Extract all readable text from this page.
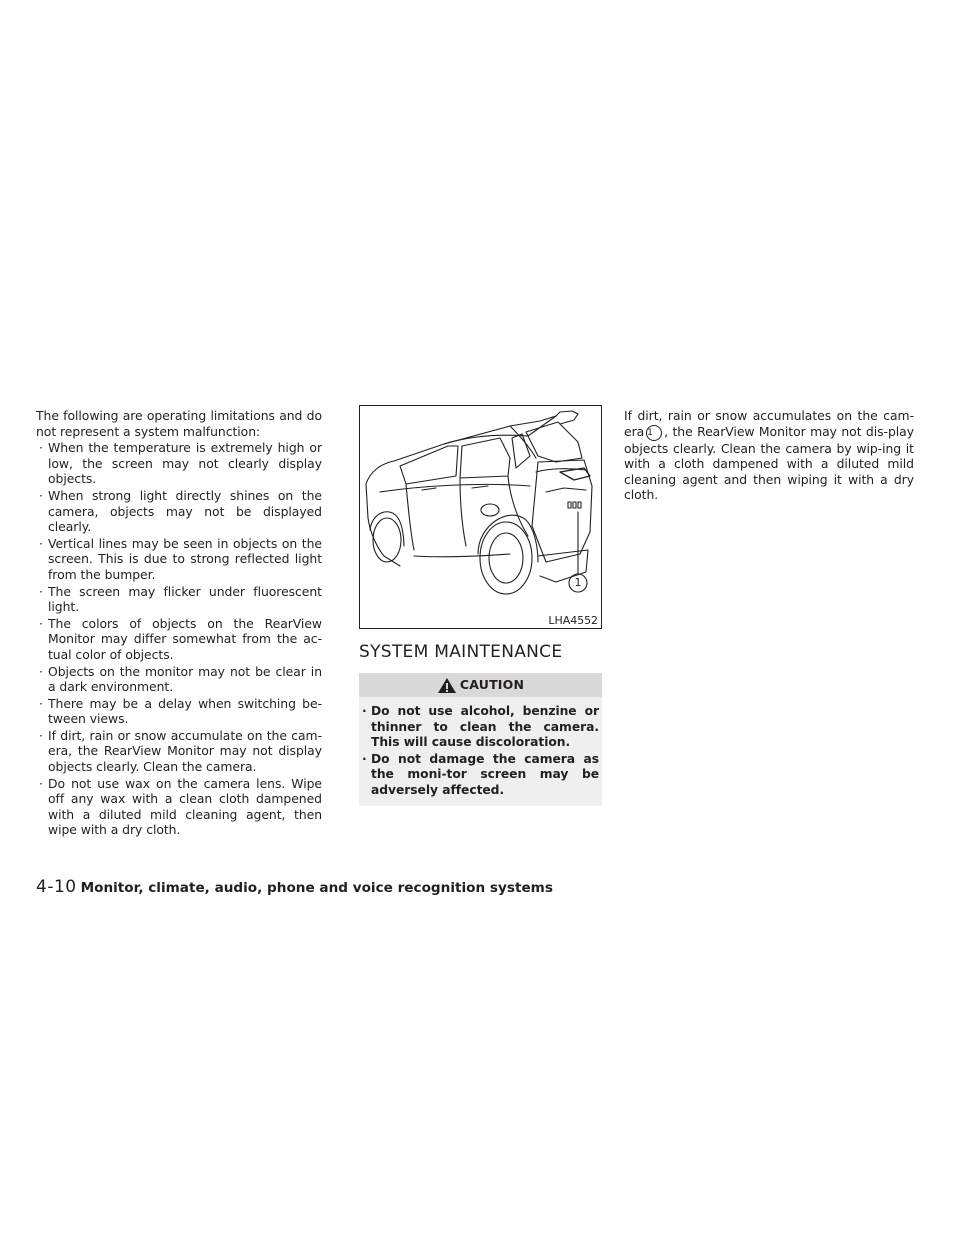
The following are operating limitations and do not represent a system malfunction:

· When the temperature is extremely high or low, the screen may not clearly display objects.
· When strong light directly shines on the camera, objects may not be displayed clearly.
· Vertical lines may be seen in objects on the screen. This is due to strong reflected light from the bumper.
· The screen may flicker under fluorescent light.
· The colors of objects on the RearView Monitor may differ somewhat from the ac-tual color of objects.
· Objects on the monitor may not be clear in a dark environment.
· There may be a delay when switching be-tween views.
· If dirt, rain or snow accumulate on the cam-era, the RearView Monitor may not display objects clearly. Clean the camera.
· Do not use wax on the camera lens. Wipe off any wax with a clean cloth dampened with a diluted mild cleaning agent, then wipe with a dry cloth.
1
LHA4552
SYSTEM MAINTENANCE
CAUTION
· Do not use alcohol, benzine or thinner to clean the camera. This will cause discoloration.
· Do not damage the camera as the moni-tor screen may be adversely affected.

If dirt, rain or snow accumulates on the cam-era 1 , the RearView Monitor may not dis-play objects clearly. Clean the camera by wip-ing it with a cloth dampened with a diluted mild cleaning agent and then wiping it with a dry cloth.

4-10 Monitor, climate, audio, phone and voice recognition systems
